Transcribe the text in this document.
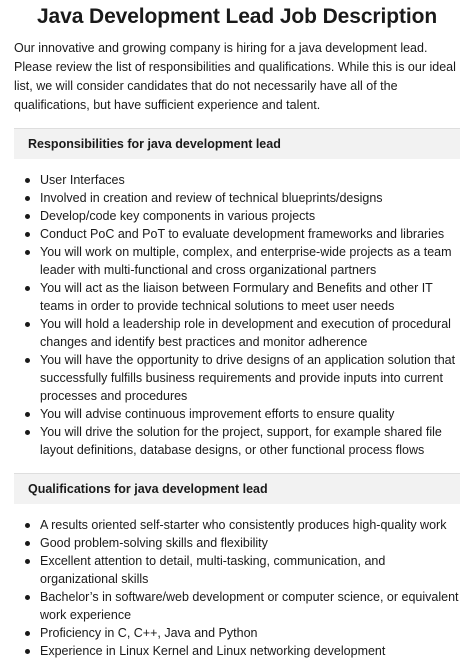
Java Development Lead Job Description

Our innovative and growing company is hiring for a java development lead. Please review the list of responsibilities and qualifications. While this is our ideal list, we will consider candidates that do not necessarily have all of the qualifications, but have sufficient experience and talent.

Responsibilities for java development lead
User Interfaces
Involved in creation and review of technical blueprints/designs
Develop/code key components in various projects
Conduct PoC and PoT to evaluate development frameworks and libraries
You will work on multiple, complex, and enterprise-wide projects as a team leader with multi-functional and cross organizational partners
You will act as the liaison between Formulary and Benefits and other IT teams in order to provide technical solutions to meet user needs
You will hold a leadership role in development and execution of procedural changes and identify best practices and monitor adherence
You will have the opportunity to drive designs of an application solution that successfully fulfills business requirements and provide inputs into current processes and procedures
You will advise continuous improvement efforts to ensure quality
You will drive the solution for the project, support, for example shared file layout definitions, database designs, or other functional process flows
Qualifications for java development lead
A results oriented self-starter who consistently produces high-quality work
Good problem-solving skills and flexibility
Excellent attention to detail, multi-tasking, communication, and organizational skills
Bachelor’s in software/web development or computer science, or equivalent work experience
Proficiency in C, C++, Java and Python
Experience in Linux Kernel and Linux networking development
